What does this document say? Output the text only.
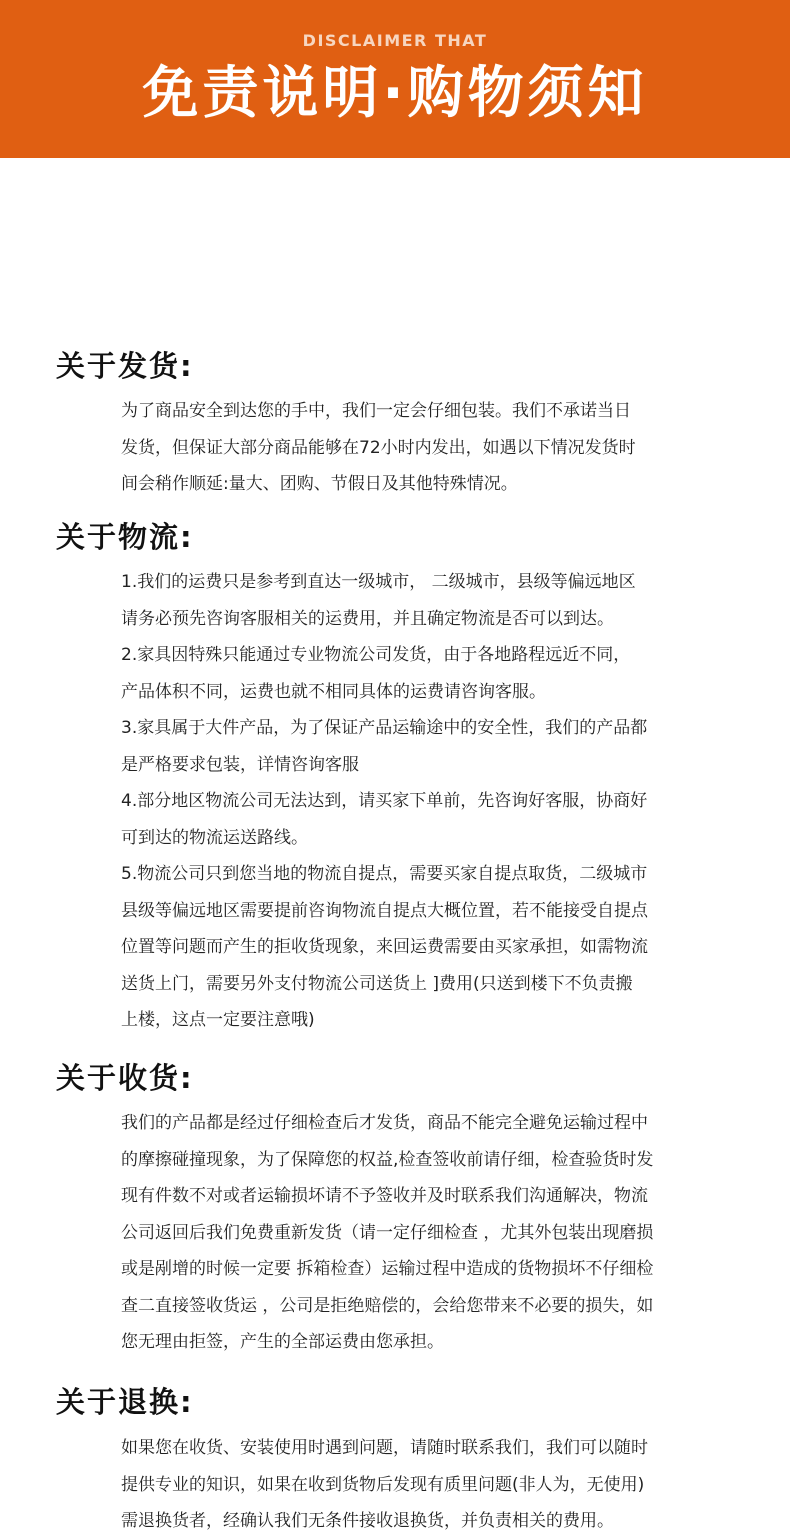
DISCLAIMER THAT
免责说明·购物须知
关于发货:
为了商品安全到达您的手中，我们一定会仔细包装。我们不承诺当日
发货，但保证大部分商品能够在72小时内发出，如遇以下情况发货时
间会稍作顺延:量大、团购、节假日及其他特殊情况。
关于物流:
1.我们的运费只是参考到直达一级城市， 二级城市，县级等偏远地区
请务必预先咨询客服相关的运费用，并且确定物流是否可以到达。
2.家具因特殊只能通过专业物流公司发货，由于各地路程远近不同，
产品体积不同，运费也就不相同具体的运费请咨询客服。
3.家具属于大件产品，为了保证产品运输途中的安全性，我们的产品都
是严格要求包装，详情咨询客服
4.部分地区物流公司无法达到，请买家下单前，先咨询好客服，协商好
可到达的物流运送路线。
5.物流公司只到您当地的物流自提点，需要买家自提点取货，二级城市
县级等偏远地区需要提前咨询物流自提点大概位置，若不能接受自提点
位置等问题而产生的拒收货现象，来回运费需要由买家承担，如需物流
送货上门，需要另外支付物流公司送货上 ]费用(只送到楼下不负责搬
上楼，这点一定要注意哦)
关于收货:
我们的产品都是经过仔细检查后才发货，商品不能完全避免运输过程中
的摩擦碰撞现象，为了保障您的权益,检查签收前请仔细，检查验货时发
现有件数不对或者运输损坏请不予签收并及时联系我们沟通解决，物流
公司返回后我们免费重新发货（请一定仔细检查 ，尤其外包装出现磨损
或是剐增的时候一定要 拆箱检查）运输过程中造成的货物损坏不仔细检
查二直接签收货运 ，公司是拒绝赔偿的，会给您带来不必要的损失，如
您无理由拒签，产生的全部运费由您承担。
关于退换:
如果您在收货、安装使用时遇到问题，请随时联系我们，我们可以随时
提供专业的知识，如果在收到货物后发现有质里问题(非人为，无使用)
需退换货者，经确认我们无条件接收退换货，并负责相关的费用。
